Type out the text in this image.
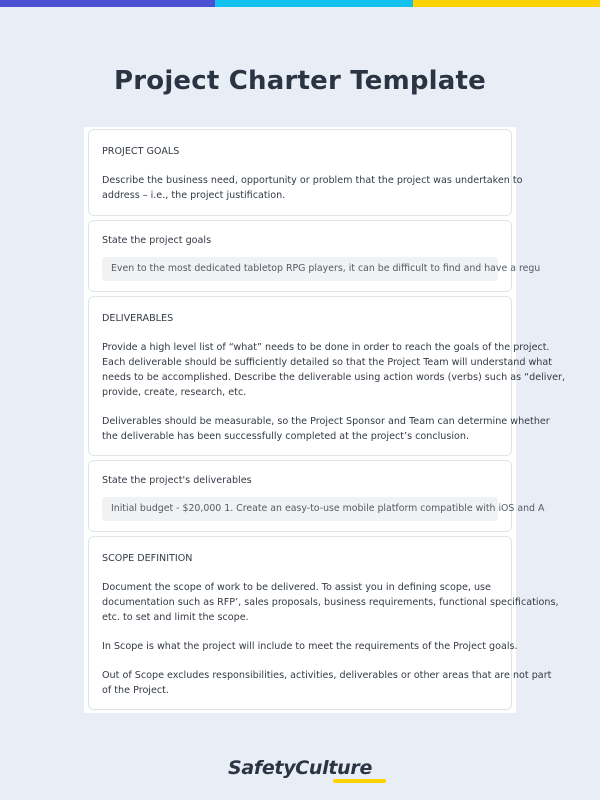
Project Charter Template
PROJECT GOALS

Describe the business need, opportunity or problem that the project was undertaken to

address – i.e., the project justification.

State the project goals
Even to the most dedicated tabletop RPG players, it can be difficult to find and have a regu
DELIVERABLES

Provide a high level list of “what” needs to be done in order to reach the goals of the project.

Each deliverable should be sufficiently detailed so that the Project Team will understand what

needs to be accomplished. Describe the deliverable using action words (verbs) such as “deliver,

provide, create, research, etc.

Deliverables should be measurable, so the Project Sponsor and Team can determine whether

the deliverable has been successfully completed at the project’s conclusion.

State the project's deliverables
Initial budget - $20,000 1. Create an easy-to-use mobile platform compatible with iOS and A
SCOPE DEFINITION

Document the scope of work to be delivered. To assist you in defining scope, use

documentation such as RFP’, sales proposals, business requirements, functional specifications,

etc. to set and limit the scope.

In Scope is what the project will include to meet the requirements of the Project goals.

Out of Scope excludes responsibilities, activities, deliverables or other areas that are not part

of the Project.

SafetyCulture
